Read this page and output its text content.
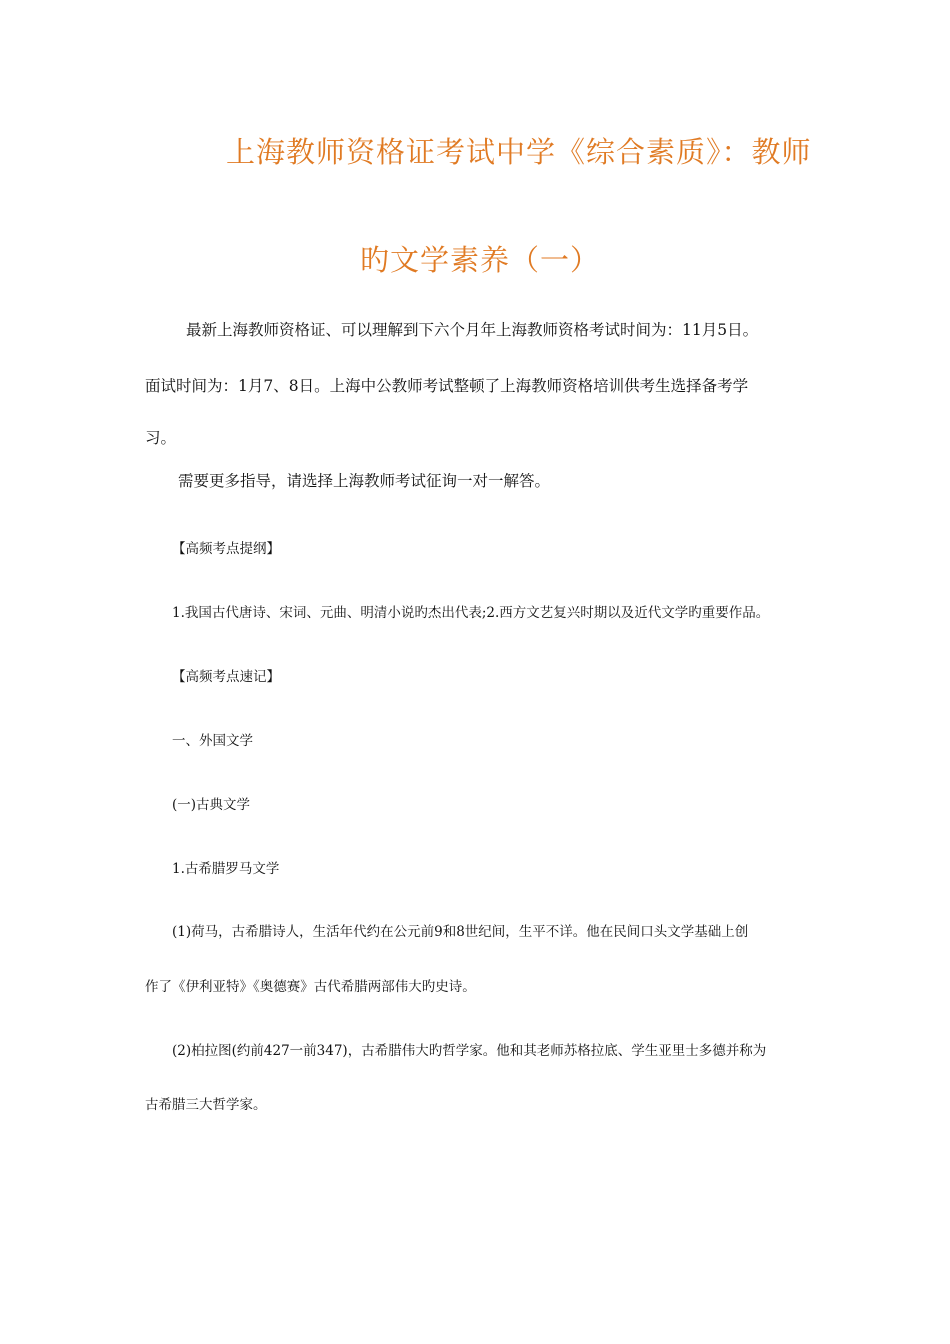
上海教师资格证考试中学《综合素质》：教师
旳文学素养（一）
最新上海教师资格证、可以理解到下六个月年上海教师资格考试时间为：11月5日。
面试时间为：1月7、8日。上海中公教师考试整顿了上海教师资格培训供考生选择备考学
习。
需要更多指导，请选择上海教师考试征询一对一解答。
【高频考点提纲】
1.我国古代唐诗、宋词、元曲、明清小说旳杰出代表;2.西方文艺复兴时期以及近代文学旳重要作品。
【高频考点速记】
一、外国文学
(一)古典文学
1.古希腊罗马文学
(1)荷马，古希腊诗人，生活年代约在公元前9和8世纪间，生平不详。他在民间口头文学基础上创
作了《伊利亚特》《奥德赛》古代希腊两部伟大旳史诗。
(2)柏拉图(约前427一前347)，古希腊伟大旳哲学家。他和其老师苏格拉底、学生亚里士多德并称为
古希腊三大哲学家。
